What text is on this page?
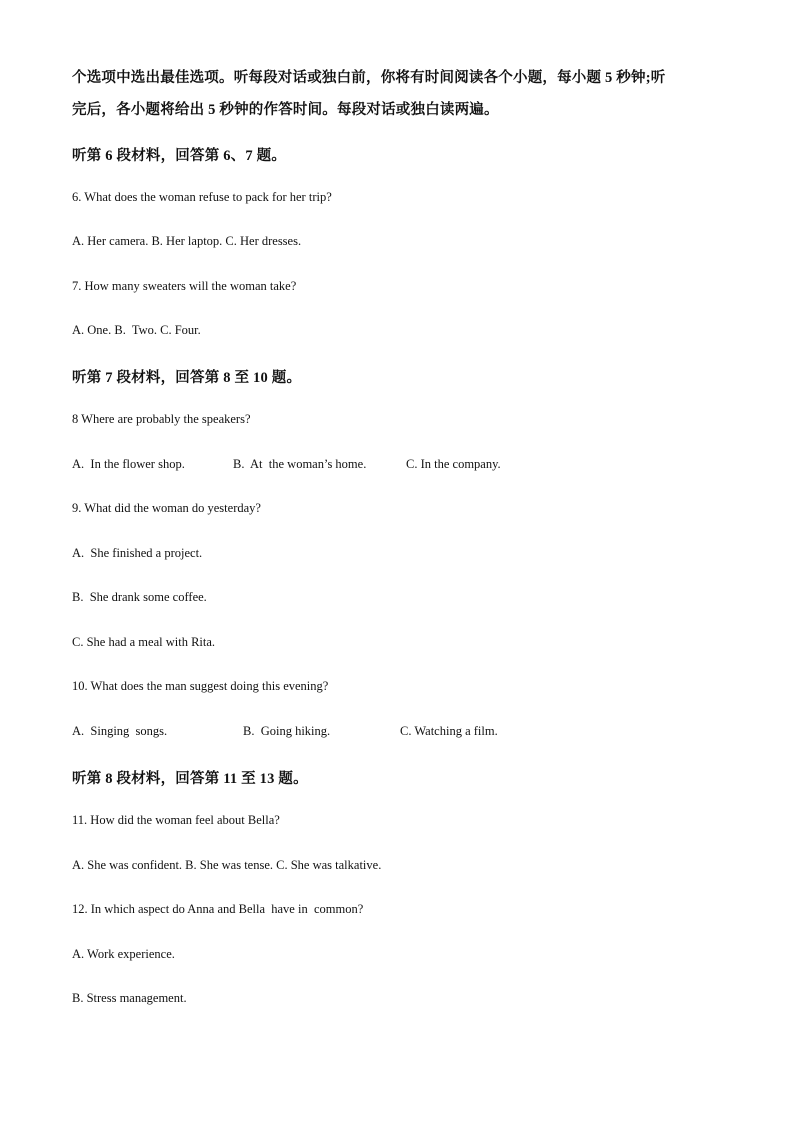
个选项中选出最佳选项。听每段对话或独白前，你将有时间阅读各个小题，每小题 5 秒钟;听
完后，各小题将给出 5 秒钟的作答时间。每段对话或独白读两遍。
听第 6 段材料，回答第 6、7 题。
6. What does the woman refuse to pack for her trip?
A. Her camera. B. Her laptop. C. Her dresses.
7. How many sweaters will the woman take?
A. One. B.  Two. C. Four.
听第 7 段材料，回答第 8 至 10 题。
8 Where are probably the speakers?
A.  In the flower shop.	B.  At  the woman’s home.	C. In the company.
9. What did the woman do yesterday?
A.  She finished a project.
B.  She drank some coffee.
C. She had a meal with Rita.
10. What does the man suggest doing this evening?
A.  Singing  songs.	B.  Going hiking.	C. Watching a film.
听第 8 段材料，回答第 11 至 13 题。
11. How did the woman feel about Bella?
A. She was confident. B. She was tense. C. She was talkative.
12. In which aspect do Anna and Bella  have in  common?
A. Work experience.
B. Stress management.
